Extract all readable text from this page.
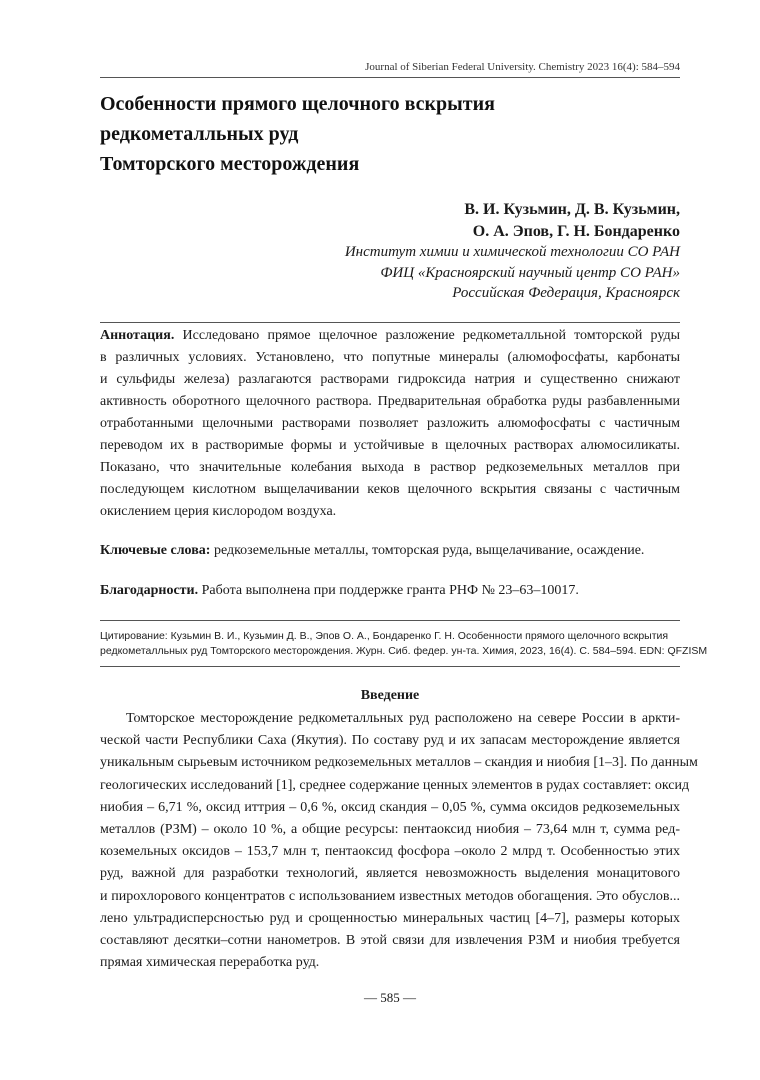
Journal of Siberian Federal University. Chemistry 2023 16(4): 584–594
Особенности прямого щелочного вскрытия
редкометалльных руд
Томторского месторождения
В. И. Кузьмин, Д. В. Кузьмин,
О. А. Эпов, Г. Н. Бондаренко
Институт химии и химической технологии СО РАН
ФИЦ «Красноярский научный центр СО РАН»
Российская Федерация, Красноярск
Аннотация. Исследовано прямое щелочное разложение редкометалльной томторской руды
в различных условиях. Установлено, что попутные минералы (алюмофосфаты, карбонаты
и сульфиды железа) разлагаются растворами гидроксида натрия и существенно снижают
активность оборотного щелочного раствора. Предварительная обработка руды разбавленными
отработанными щелочными растворами позволяет разложить алюмофосфаты с частичным
переводом их в растворимые формы и устойчивые в щелочных растворах алюмосиликаты.
Показано, что значительные колебания выхода в раствор редкоземельных металлов при
последующем кислотном выщелачивании кеков щелочного вскрытия связаны с частичным
окислением церия кислородом воздуха.
Ключевые слова: редкоземельные металлы, томторская руда, выщелачивание, осаждение.
Благодарности. Работа выполнена при поддержке гранта РНФ № 23–63–10017.
Цитирование: Кузьмин В. И., Кузьмин Д. В., Эпов О. А., Бондаренко Г. Н. Особенности прямого щелочного вскрытия
редкометалльных руд Томторского месторождения. Журн. Сиб. федер. ун-та. Химия, 2023, 16(4). С. 584–594. EDN: QFZISM
Введение
Томторское месторождение редкометалльных руд расположено на севере России в аркти-
ческой части Республики Саха (Якутия). По составу руд и их запасам месторождение является
уникальным сырьевым источником редкоземельных металлов – скандия и ниобия [1–3]. По данным
геологических исследований [1], среднее содержание ценных элементов в рудах составляет: оксид
ниобия – 6,71 %, оксид иттрия – 0,6 %, оксид скандия – 0,05 %, сумма оксидов редкоземельных
металлов (РЗМ) – около 10 %, а общие ресурсы: пентаоксид ниобия – 73,64 млн т, сумма ред-
коземельных оксидов – 153,7 млн т, пентаоксид фосфора –около 2 млрд т. Особенностью этих
руд, важной для разработки технологий, является невозможность выделения монацитового
и пирохлорового концентратов с использованием известных методов обогащения. Это обуслов...
лено ультрадисперсностью руд и срощенностью минеральных частиц [4–7], размеры которых
составляют десятки–сотни нанометров. В этой связи для извлечения РЗМ и ниобия требуется
прямая химическая переработка руд.
— 585 —
